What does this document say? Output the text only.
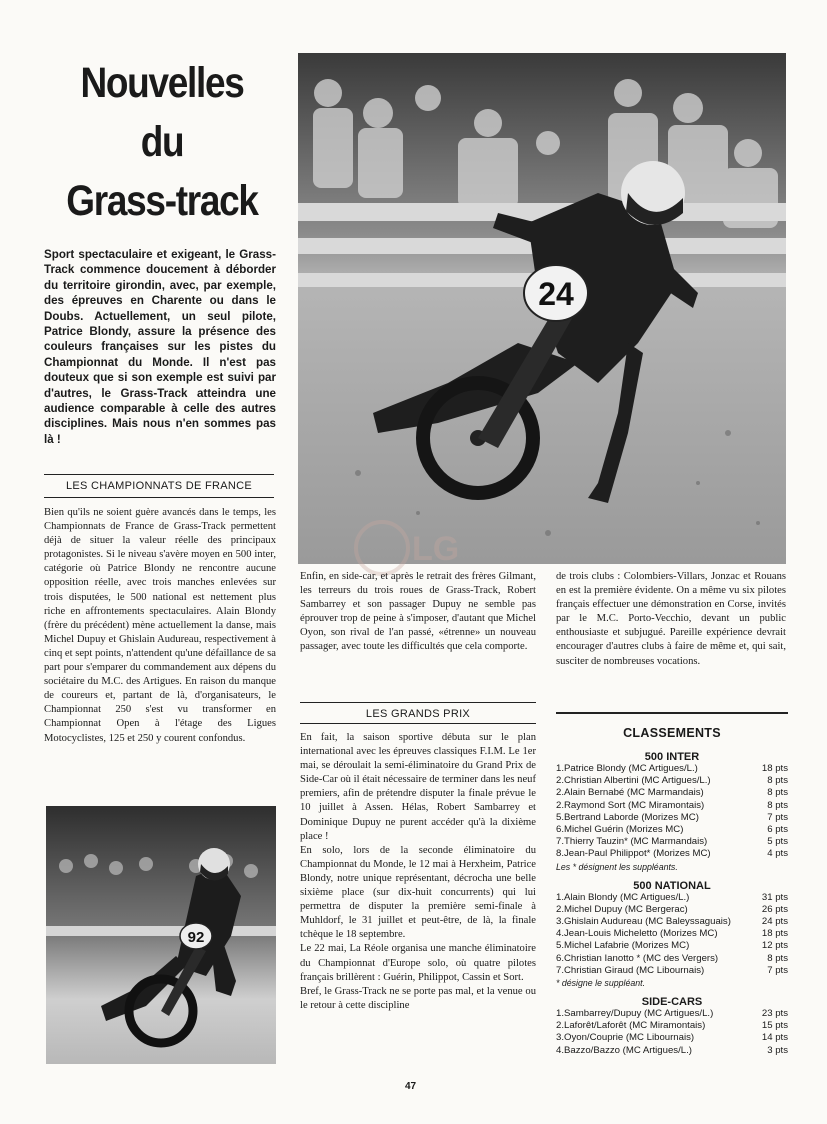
Nouvelles
du
Grass-track
Sport spectaculaire et exigeant, le Grass-Track commence doucement à déborder du territoire girondin, avec, par exemple, des épreuves en Charente ou dans le Doubs. Actuellement, un seul pilote, Patrice Blondy, assure la présence des couleurs françaises sur les pistes du Championnat du Monde. Il n'est pas douteux que si son exemple est suivi par d'autres, le Grass-Track atteindra une audience comparable à celle des autres disciplines. Mais nous n'en sommes pas là !
LES CHAMPIONNATS DE FRANCE
Bien qu'ils ne soient guère avancés dans le temps, les Championnats de France de Grass-Track permettent déjà de situer la valeur réelle des principaux protagonistes. Si le niveau s'avère moyen en 500 inter, catégorie où Patrice Blondy ne rencontre aucune opposition réelle, avec trois manches enlevées sur trois disputées, le 500 national est nettement plus riche en affrontements spectaculaires. Alain Blondy (frère du précédent) mène actuellement la danse, mais Michel Dupuy et Ghislain Audureau, respectivement à cinq et sept points, n'attendent qu'une défaillance de sa part pour s'emparer du commandement aux dépens du sociétaire du M.C. des Artigues. En raison du manque de coureurs et, partant de là, d'organisateurs, le Championnat 250 s'est vu transformer en Championnat Open à l'étage des Ligues Motocyclistes, 125 et 250 y courent confondus.
24
LG
Enfin, en side-car, et après le retrait des frères Gilmant, les terreurs du trois roues de Grass-Track, Robert Sambarrey et son passager Dupuy ne semble pas éprouver trop de peine à s'imposer, d'autant que Michel Oyon, son rival de l'an passé, «étrenne» un nouveau passager, avec toute les difficultés que cela comporte.
LES GRANDS PRIX

En fait, la saison sportive débuta sur le plan international avec les épreuves classiques F.I.M. Le 1er mai, se déroulait la semi-éliminatoire du Grand Prix de Side-Car où il était nécessaire de terminer dans les neuf premiers, afin de prétendre disputer la finale prévue le 10 juillet à Assen. Hélas, Robert Sambarrey et Dominique Dupuy ne purent accéder qu'à la dixième place !

En solo, lors de la seconde éliminatoire du Championnat du Monde, le 12 mai à Herxheim, Patrice Blondy, notre unique représentant, décrocha une belle sixième place (sur dix-huit concurrents) qui lui permettra de disputer la première semi-finale à Muhldorf, le 31 juillet et peut-être, de là, la finale tchèque le 18 septembre.

Le 22 mai, La Réole organisa une manche éliminatoire du Championnat d'Europe solo, où quatre pilotes français brillèrent : Guérin, Philippot, Cassin et Sort.

Bref, le Grass-Track ne se porte pas mal, et la venue ou le retour à cette discipline

de trois clubs : Colombiers-Villars, Jonzac et Rouans en est la première évidente. On a même vu six pilotes français effectuer une démonstration en Corse, invités par le M.C. Porto-Vecchio, devant un public enthousiaste et subjugué. Pareille expérience devrait encourager d'autres clubs à faire de même et, qui sait, susciter de nombreuses vocations.
CLASSEMENTS
500 INTER
1.Patrice Blondy (MC Artigues/L.)	18 pts
2.Christian Albertini (MC Artigues/L.)	8 pts
2.Alain Bernabé (MC Marmandais)	8 pts
2.Raymond Sort (MC Miramontais)	8 pts
5.Bertrand Laborde (Morizes MC)	7 pts
6.Michel Guérin (Morizes MC)	6 pts
7.Thierry Tauzin* (MC Marmandais)	5 pts
8.Jean-Paul Philippot* (Morizes MC)	4 pts
Les * désignent les suppléants.
500 NATIONAL
1.Alain Blondy (MC Artigues/L.)	31 pts
2.Michel Dupuy (MC Bergerac)	26 pts
3.Ghislain Audureau (MC Baleyssaguais)	24 pts
4.Jean-Louis Micheletto (Morizes MC)	18 pts
5.Michel Lafabrie (Morizes MC)	12 pts
6.Christian Ianotto * (MC des Vergers)	8 pts
7.Christian Giraud (MC Libournais)	7 pts
* désigne le suppléant.
SIDE-CARS
1.Sambarrey/Dupuy (MC Artigues/L.)	23 pts
2.Laforêt/Laforêt (MC Miramontais)	15 pts
3.Oyon/Couprie (MC Libournais)	14 pts
4.Bazzo/Bazzo (MC Artigues/L.)	3 pts
92
47
